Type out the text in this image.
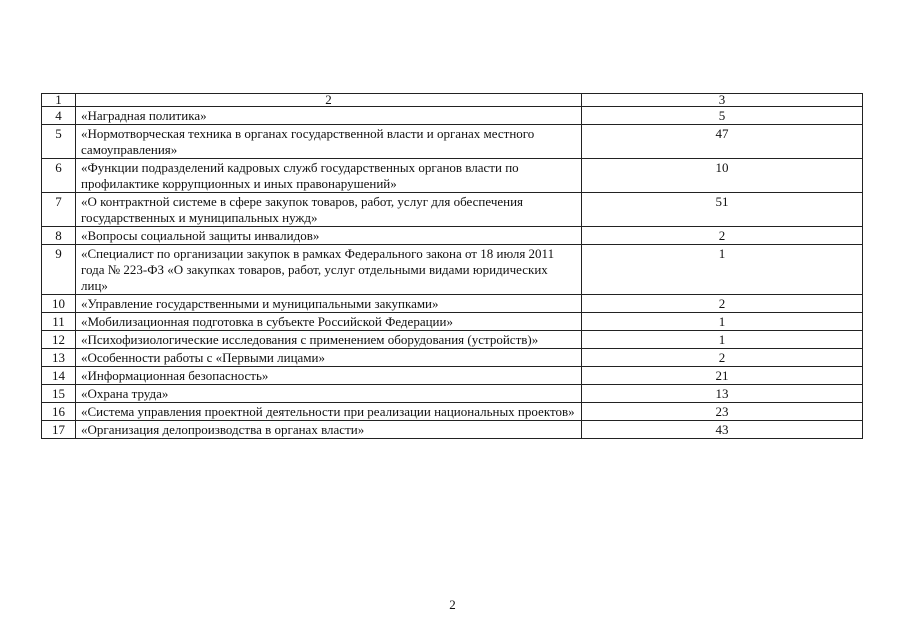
1	2	3
4	«Наградная политика»	5
5	«Нормотворческая техника в органах государственной власти и органах местного самоуправления»	47
6	«Функции подразделений кадровых служб государственных органов власти по профилактике коррупционных и иных правонарушений»	10
7	«О контрактной системе в сфере закупок товаров, работ, услуг для обеспечения государственных и муниципальных нужд»	51
8	«Вопросы социальной защиты инвалидов»	2
9	«Специалист по организации закупок в рамках Федерального закона от 18 июля 2011 года № 223-ФЗ «О закупках товаров, работ, услуг отдельными видами юридических лиц»	1
10	«Управление государственными и муниципальными закупками»	2
11	«Мобилизационная подготовка в субъекте Российской Федерации»	1
12	«Психофизиологические исследования с применением оборудования (устройств)»	1
13	«Особенности работы с «Первыми лицами»	2
14	«Информационная безопасность»	21
15	«Охрана труда»	13
16	«Система управления проектной деятельности при реализации национальных проектов»	23
17	«Организация делопроизводства в органах власти»	43
2
